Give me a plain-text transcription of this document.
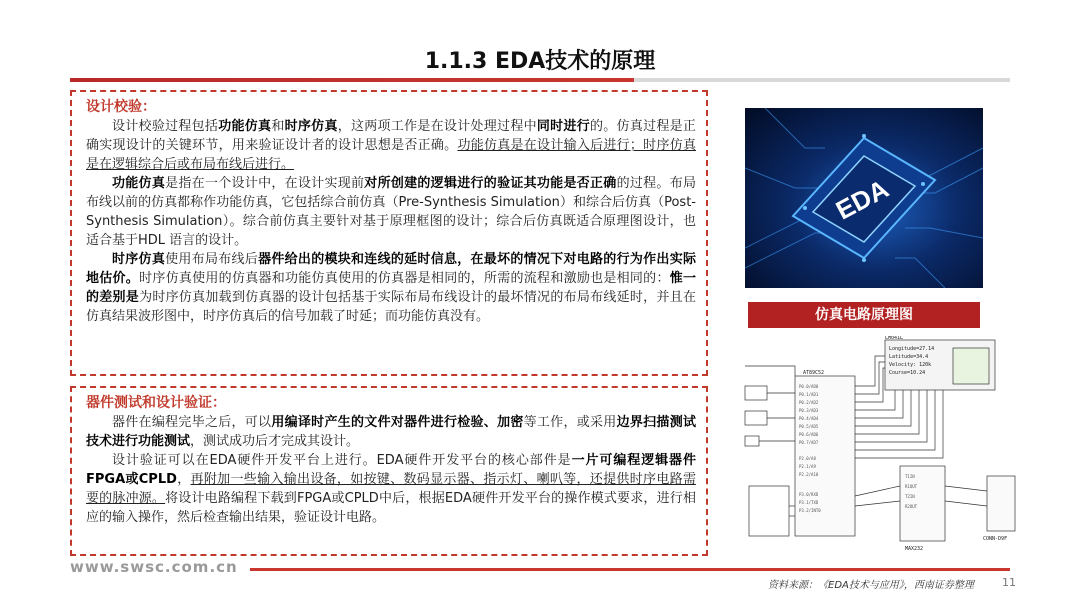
1.1.3 EDA技术的原理
设计校验：

设计校验过程包括功能仿真和时序仿真，这两项工作是在设计处理过程中同时进行的。仿真过程是正确实现设计的关键环节，用来验证设计者的设计思想是否正确。功能仿真是在设计输入后进行；时序仿真是在逻辑综合后或布局布线后进行。

功能仿真是指在一个设计中，在设计实现前对所创建的逻辑进行的验证其功能是否正确的过程。布局布线以前的仿真都称作功能仿真，它包括综合前仿真（Pre-Synthesis Simulation）和综合后仿真（Post-Synthesis Simulation）。综合前仿真主要针对基于原理框图的设计；综合后仿真既适合原理图设计，也适合基于HDL 语言的设计。

时序仿真使用布局布线后器件给出的模块和连线的延时信息，在最坏的情况下对电路的行为作出实际地估价。时序仿真使用的仿真器和功能仿真使用的仿真器是相同的，所需的流程和激励也是相同的：惟一的差别是为时序仿真加载到仿真器的设计包括基于实际布局布线设计的最坏情况的布局布线延时，并且在仿真结果波形图中，时序仿真后的信号加载了时延；而功能仿真没有。

器件测试和设计验证：

器件在编程完毕之后，可以用编译时产生的文件对器件进行检验、加密等工作，或采用边界扫描测试技术进行功能测试，测试成功后才完成其设计。

设计验证可以在EDA硬件开发平台上进行。EDA硬件开发平台的核心部件是一片可编程逻辑器件FPGA或CPLD，再附加一些输入输出设备，如按键、数码显示器、指示灯、喇叭等，还提供时序电路需要的脉冲源。将设计电路编程下载到FPGA或CPLD中后，根据EDA硬件开发平台的操作模式要求，进行相应的输入操作，然后检查输出结果，验证设计电路。

EDA
仿真电路原理图
LM041L
Longitude=27.14
Latitude=34.4
Velocity: 120k
Course=10.24
AT89C52
MAX232
CONN-D9F
P0.0/AD0
P0.1/AD1
P0.2/AD2
P0.3/AD3
P0.4/AD4
P0.5/AD5
P0.6/AD6
P0.7/AD7
P2.0/A8
P2.1/A9
P2.2/A10
P3.0/RXD
P3.1/TXD
P3.2/INT0
T1IN
R1OUT
T2IN
R2OUT
www.swsc.com.cn
资料来源：《EDA技术与应用》，西南证券整理	11
